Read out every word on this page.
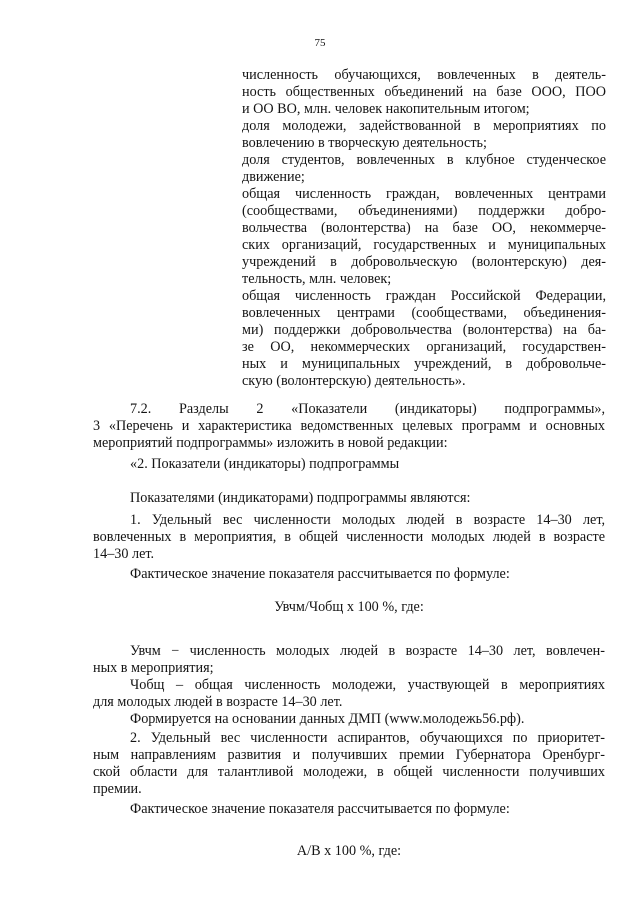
75
численность обучающихся, вовлеченных в деятель-
ность общественных объединений на базе ООО, ПОО
и ОО ВО, млн. человек накопительным итогом;
доля молодежи, задействованной в мероприятиях по
вовлечению в творческую деятельность;
доля студентов, вовлеченных в клубное студенческое
движение;
общая численность граждан, вовлеченных центрами
(сообществами, объединениями) поддержки добро-
вольчества (волонтерства) на базе ОО, некоммерче-
ских организаций, государственных и муниципальных
учреждений в добровольческую (волонтерскую) дея-
тельность, млн. человек;
общая численность граждан Российской Федерации,
вовлеченных центрами (сообществами, объединения-
ми) поддержки добровольчества (волонтерства) на ба-
зе ОО, некоммерческих организаций, государствен-
ных и муниципальных учреждений, в добровольче-
скую (волонтерскую) деятельность».
7.2. Разделы 2 «Показатели (индикаторы) подпрограммы»,
3 «Перечень и характеристика ведомственных целевых программ и основных
мероприятий подпрограммы» изложить в новой редакции:
«2. Показатели (индикаторы) подпрограммы
Показателями (индикаторами) подпрограммы являются:
1. Удельный вес численности молодых людей в возрасте 14–30 лет,
вовлеченных в мероприятия, в общей численности молодых людей в возрасте
14–30 лет.
Фактическое значение показателя рассчитывается по формуле:
Увчм/Чобщ х 100 %, где:
Увчм − численность молодых людей в возрасте 14–30 лет, вовлечен-
ных в мероприятия;
Чобщ – общая численность молодежи, участвующей в мероприятиях
для молодых людей в возрасте 14–30 лет.
Формируется на основании данных ДМП (www.молодежь56.рф).
2. Удельный вес численности аспирантов, обучающихся по приоритет-
ным направлениям развития и получивших премии Губернатора Оренбург-
ской области для талантливой молодежи, в общей численности получивших
премии.
Фактическое значение показателя рассчитывается по формуле:
А/В х 100 %, где:
